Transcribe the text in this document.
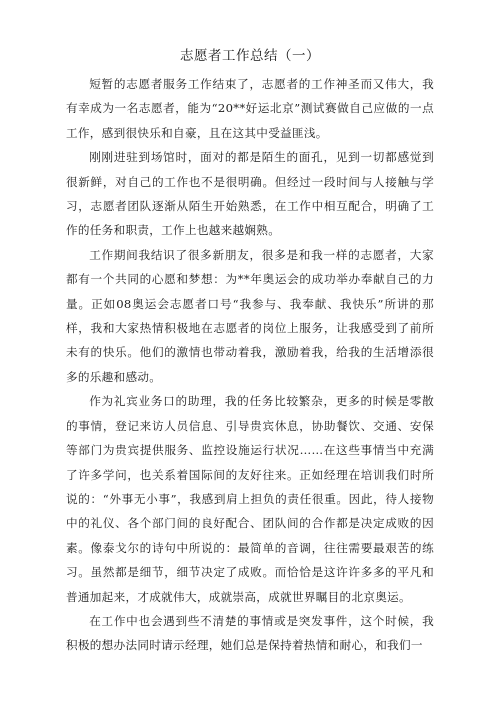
志愿者工作总结（一）

短暂的志愿者服务工作结束了，志愿者的工作神圣而又伟大，我有幸成为一名志愿者，能为“20**好运北京”测试赛做自己应做的一点工作，感到很快乐和自豪，且在这其中受益匪浅。

刚刚进驻到场馆时，面对的都是陌生的面孔，见到一切都感觉到很新鲜，对自己的工作也不是很明确。但经过一段时间与人接触与学习，志愿者团队逐渐从陌生开始熟悉，在工作中相互配合，明确了工作的任务和职责，工作上也越来越娴熟。

工作期间我结识了很多新朋友，很多是和我一样的志愿者，大家都有一个共同的心愿和梦想：为**年奥运会的成功举办奉献自己的力量。正如08奥运会志愿者口号“我参与、我奉献、我快乐”所讲的那样，我和大家热情积极地在志愿者的岗位上服务，让我感受到了前所未有的快乐。他们的激情也带动着我，激励着我，给我的生活增添很多的乐趣和感动。

作为礼宾业务口的助理，我的任务比较繁杂，更多的时候是零散的事情，登记来访人员信息、引导贵宾休息，协助餐饮、交通、安保等部门为贵宾提供服务、监控设施运行状况……在这些事情当中充满了许多学问，也关系着国际间的友好往来。正如经理在培训我们时所说的：“外事无小事”，我感到肩上担负的责任很重。因此，待人接物中的礼仪、各个部门间的良好配合、团队间的合作都是决定成败的因素。像泰戈尔的诗句中所说的：最简单的音调，往往需要最艰苦的练习。虽然都是细节，细节决定了成败。而恰恰是这许许多多的平凡和普通加起来，才成就伟大，成就崇高，成就世界瞩目的北京奥运。

在工作中也会遇到些不清楚的事情或是突发事件，这个时候，我积极的想办法同时请示经理，她们总是保持着热情和耐心，和我们一
